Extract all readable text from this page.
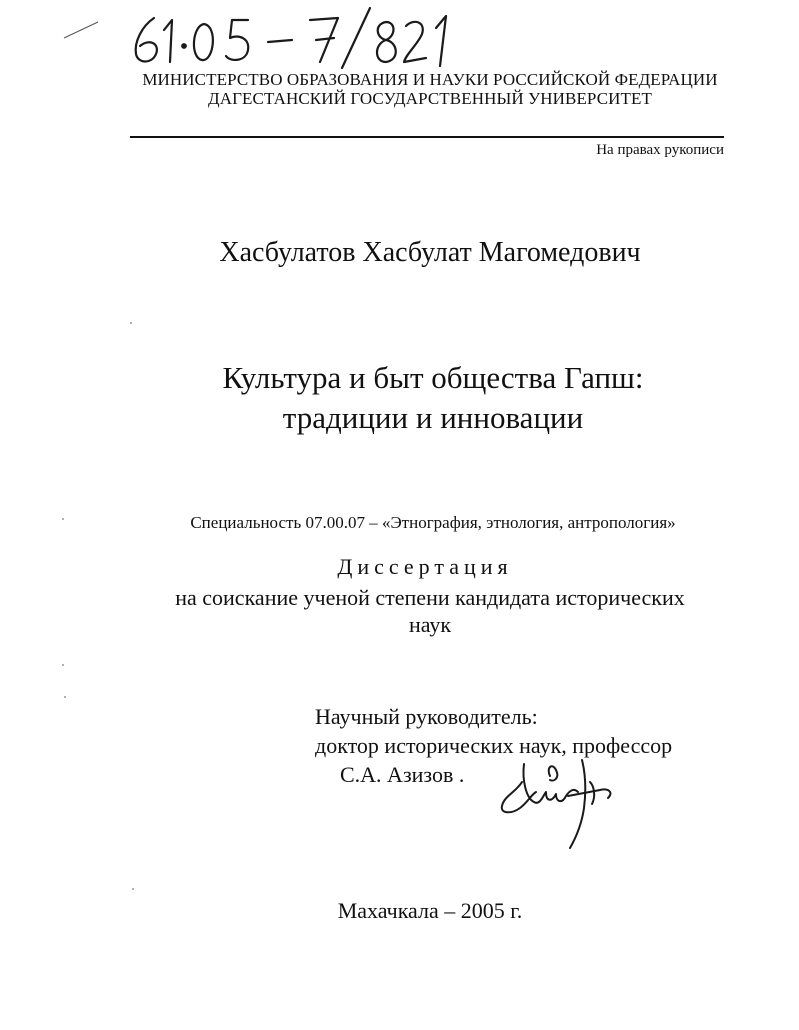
МИНИСТЕРСТВО ОБРАЗОВАНИЯ И НАУКИ РОССИЙСКОЙ ФЕДЕРАЦИИ
ДАГЕСТАНСКИЙ ГОСУДАРСТВЕННЫЙ УНИВЕРСИТЕТ
На правах рукописи
Хасбулатов Хасбулат Магомедович
Культура и быт общества Гапш:
традиции и инновации
Специальность 07.00.07 – «Этнография, этнология, антропология»
Диссертация
на соискание ученой степени кандидата исторических
наук
Научный руководитель:
доктор исторических наук, профессор
С.А. Азизов .
Махачкала – 2005 г.
